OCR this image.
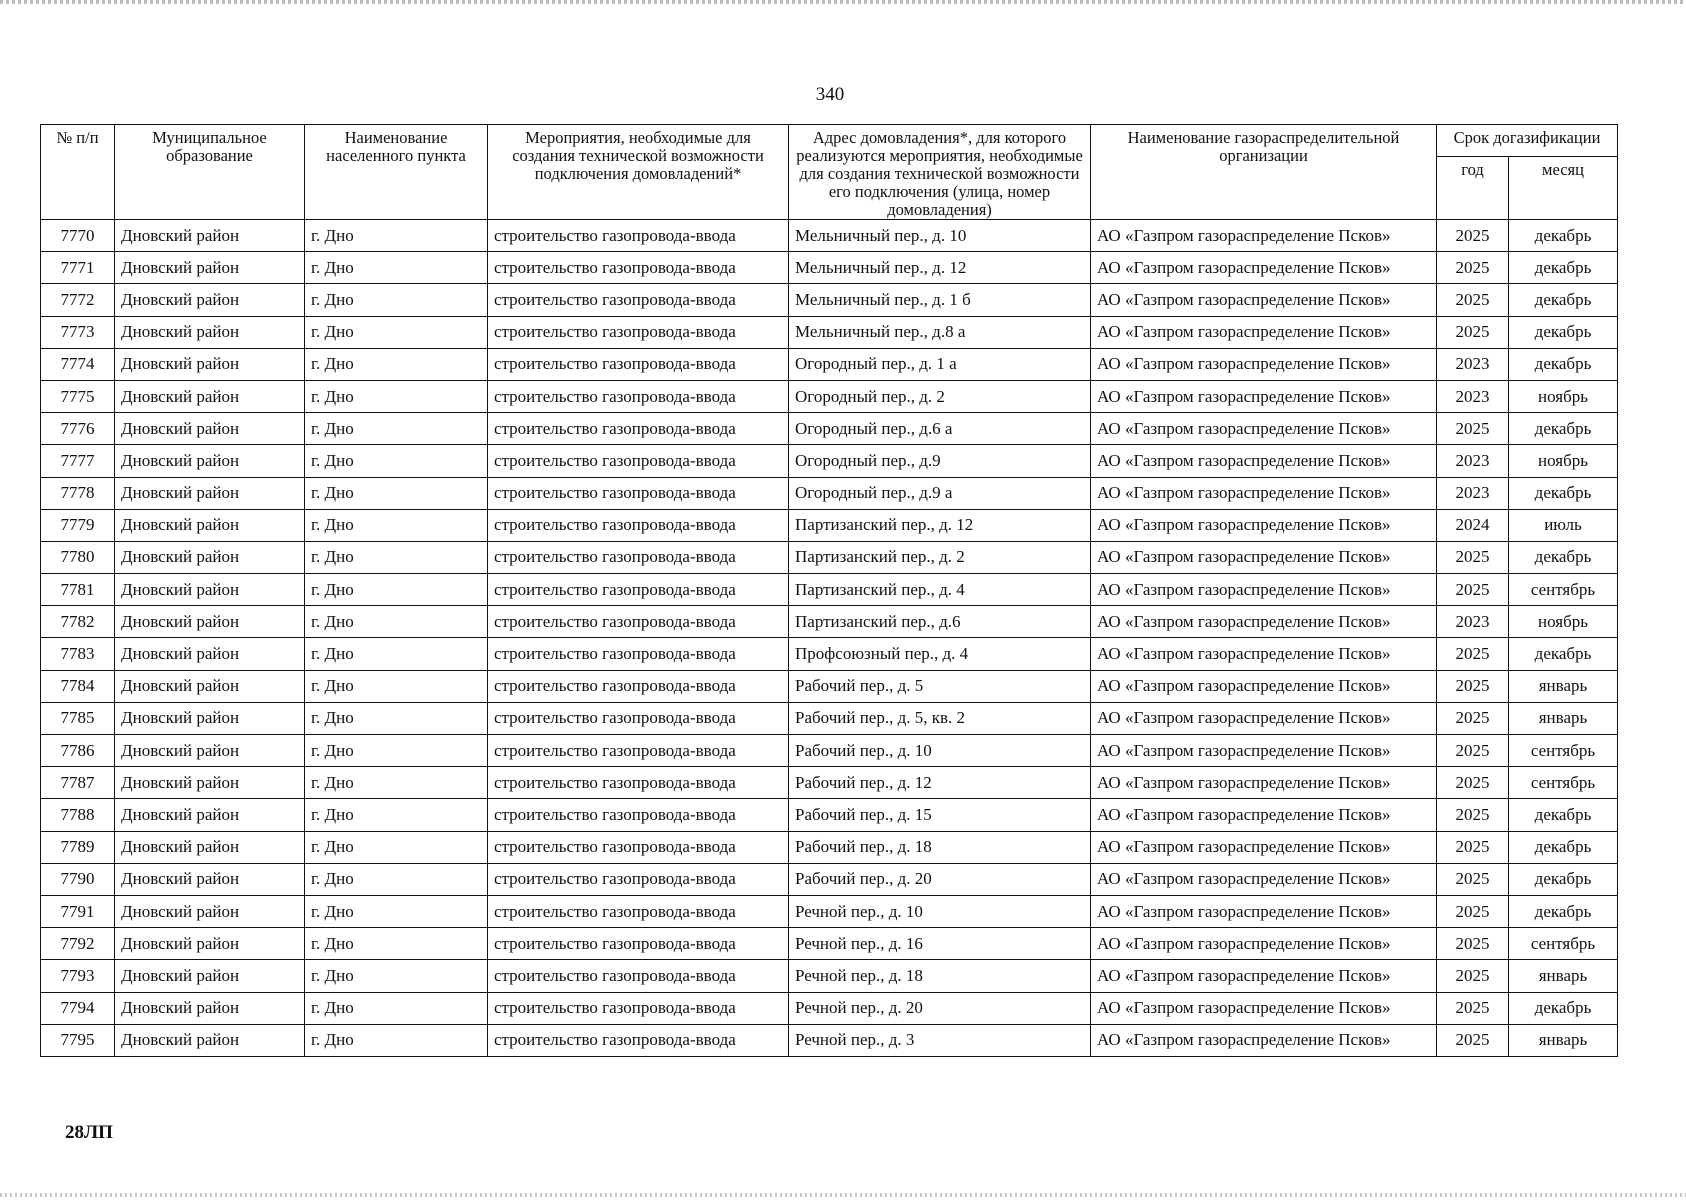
340
№ п/п	Муниципальное образование	Наименование населенного пункта	Мероприятия, необходимые для создания технической возможности подключения домовладений*	Адрес домовладения*, для которого реализуются мероприятия, необходимые для создания технической возможности его подключения (улица, номер домовладения)	Наименование газораспределительной организации	Срок догазификации	
						год	месяц
7770	Дновский район	г. Дно	строительство газопровода-ввода	Мельничный пер., д. 10	АО «Газпром газораспределение Псков»	2025	декабрь
7771	Дновский район	г. Дно	строительство газопровода-ввода	Мельничный пер., д. 12	АО «Газпром газораспределение Псков»	2025	декабрь
7772	Дновский район	г. Дно	строительство газопровода-ввода	Мельничный пер., д. 1 б	АО «Газпром газораспределение Псков»	2025	декабрь
7773	Дновский район	г. Дно	строительство газопровода-ввода	Мельничный пер., д.8 а	АО «Газпром газораспределение Псков»	2025	декабрь
7774	Дновский район	г. Дно	строительство газопровода-ввода	Огородный пер., д. 1 а	АО «Газпром газораспределение Псков»	2023	декабрь
7775	Дновский район	г. Дно	строительство газопровода-ввода	Огородный пер., д. 2	АО «Газпром газораспределение Псков»	2023	ноябрь
7776	Дновский район	г. Дно	строительство газопровода-ввода	Огородный пер., д.6 а	АО «Газпром газораспределение Псков»	2025	декабрь
7777	Дновский район	г. Дно	строительство газопровода-ввода	Огородный пер., д.9	АО «Газпром газораспределение Псков»	2023	ноябрь
7778	Дновский район	г. Дно	строительство газопровода-ввода	Огородный пер., д.9 а	АО «Газпром газораспределение Псков»	2023	декабрь
7779	Дновский район	г. Дно	строительство газопровода-ввода	Партизанский пер., д. 12	АО «Газпром газораспределение Псков»	2024	июль
7780	Дновский район	г. Дно	строительство газопровода-ввода	Партизанский пер., д. 2	АО «Газпром газораспределение Псков»	2025	декабрь
7781	Дновский район	г. Дно	строительство газопровода-ввода	Партизанский пер., д. 4	АО «Газпром газораспределение Псков»	2025	сентябрь
7782	Дновский район	г. Дно	строительство газопровода-ввода	Партизанский пер., д.6	АО «Газпром газораспределение Псков»	2023	ноябрь
7783	Дновский район	г. Дно	строительство газопровода-ввода	Профсоюзный пер., д. 4	АО «Газпром газораспределение Псков»	2025	декабрь
7784	Дновский район	г. Дно	строительство газопровода-ввода	Рабочий пер., д. 5	АО «Газпром газораспределение Псков»	2025	январь
7785	Дновский район	г. Дно	строительство газопровода-ввода	Рабочий пер., д. 5, кв. 2	АО «Газпром газораспределение Псков»	2025	январь
7786	Дновский район	г. Дно	строительство газопровода-ввода	Рабочий пер., д. 10	АО «Газпром газораспределение Псков»	2025	сентябрь
7787	Дновский район	г. Дно	строительство газопровода-ввода	Рабочий пер., д. 12	АО «Газпром газораспределение Псков»	2025	сентябрь
7788	Дновский район	г. Дно	строительство газопровода-ввода	Рабочий пер., д. 15	АО «Газпром газораспределение Псков»	2025	декабрь
7789	Дновский район	г. Дно	строительство газопровода-ввода	Рабочий пер., д. 18	АО «Газпром газораспределение Псков»	2025	декабрь
7790	Дновский район	г. Дно	строительство газопровода-ввода	Рабочий пер., д. 20	АО «Газпром газораспределение Псков»	2025	декабрь
7791	Дновский район	г. Дно	строительство газопровода-ввода	Речной пер., д. 10	АО «Газпром газораспределение Псков»	2025	декабрь
7792	Дновский район	г. Дно	строительство газопровода-ввода	Речной пер., д. 16	АО «Газпром газораспределение Псков»	2025	сентябрь
7793	Дновский район	г. Дно	строительство газопровода-ввода	Речной пер., д. 18	АО «Газпром газораспределение Псков»	2025	январь
7794	Дновский район	г. Дно	строительство газопровода-ввода	Речной пер., д. 20	АО «Газпром газораспределение Псков»	2025	декабрь
7795	Дновский район	г. Дно	строительство газопровода-ввода	Речной пер., д. 3	АО «Газпром газораспределение Псков»	2025	январь
28ЛП
